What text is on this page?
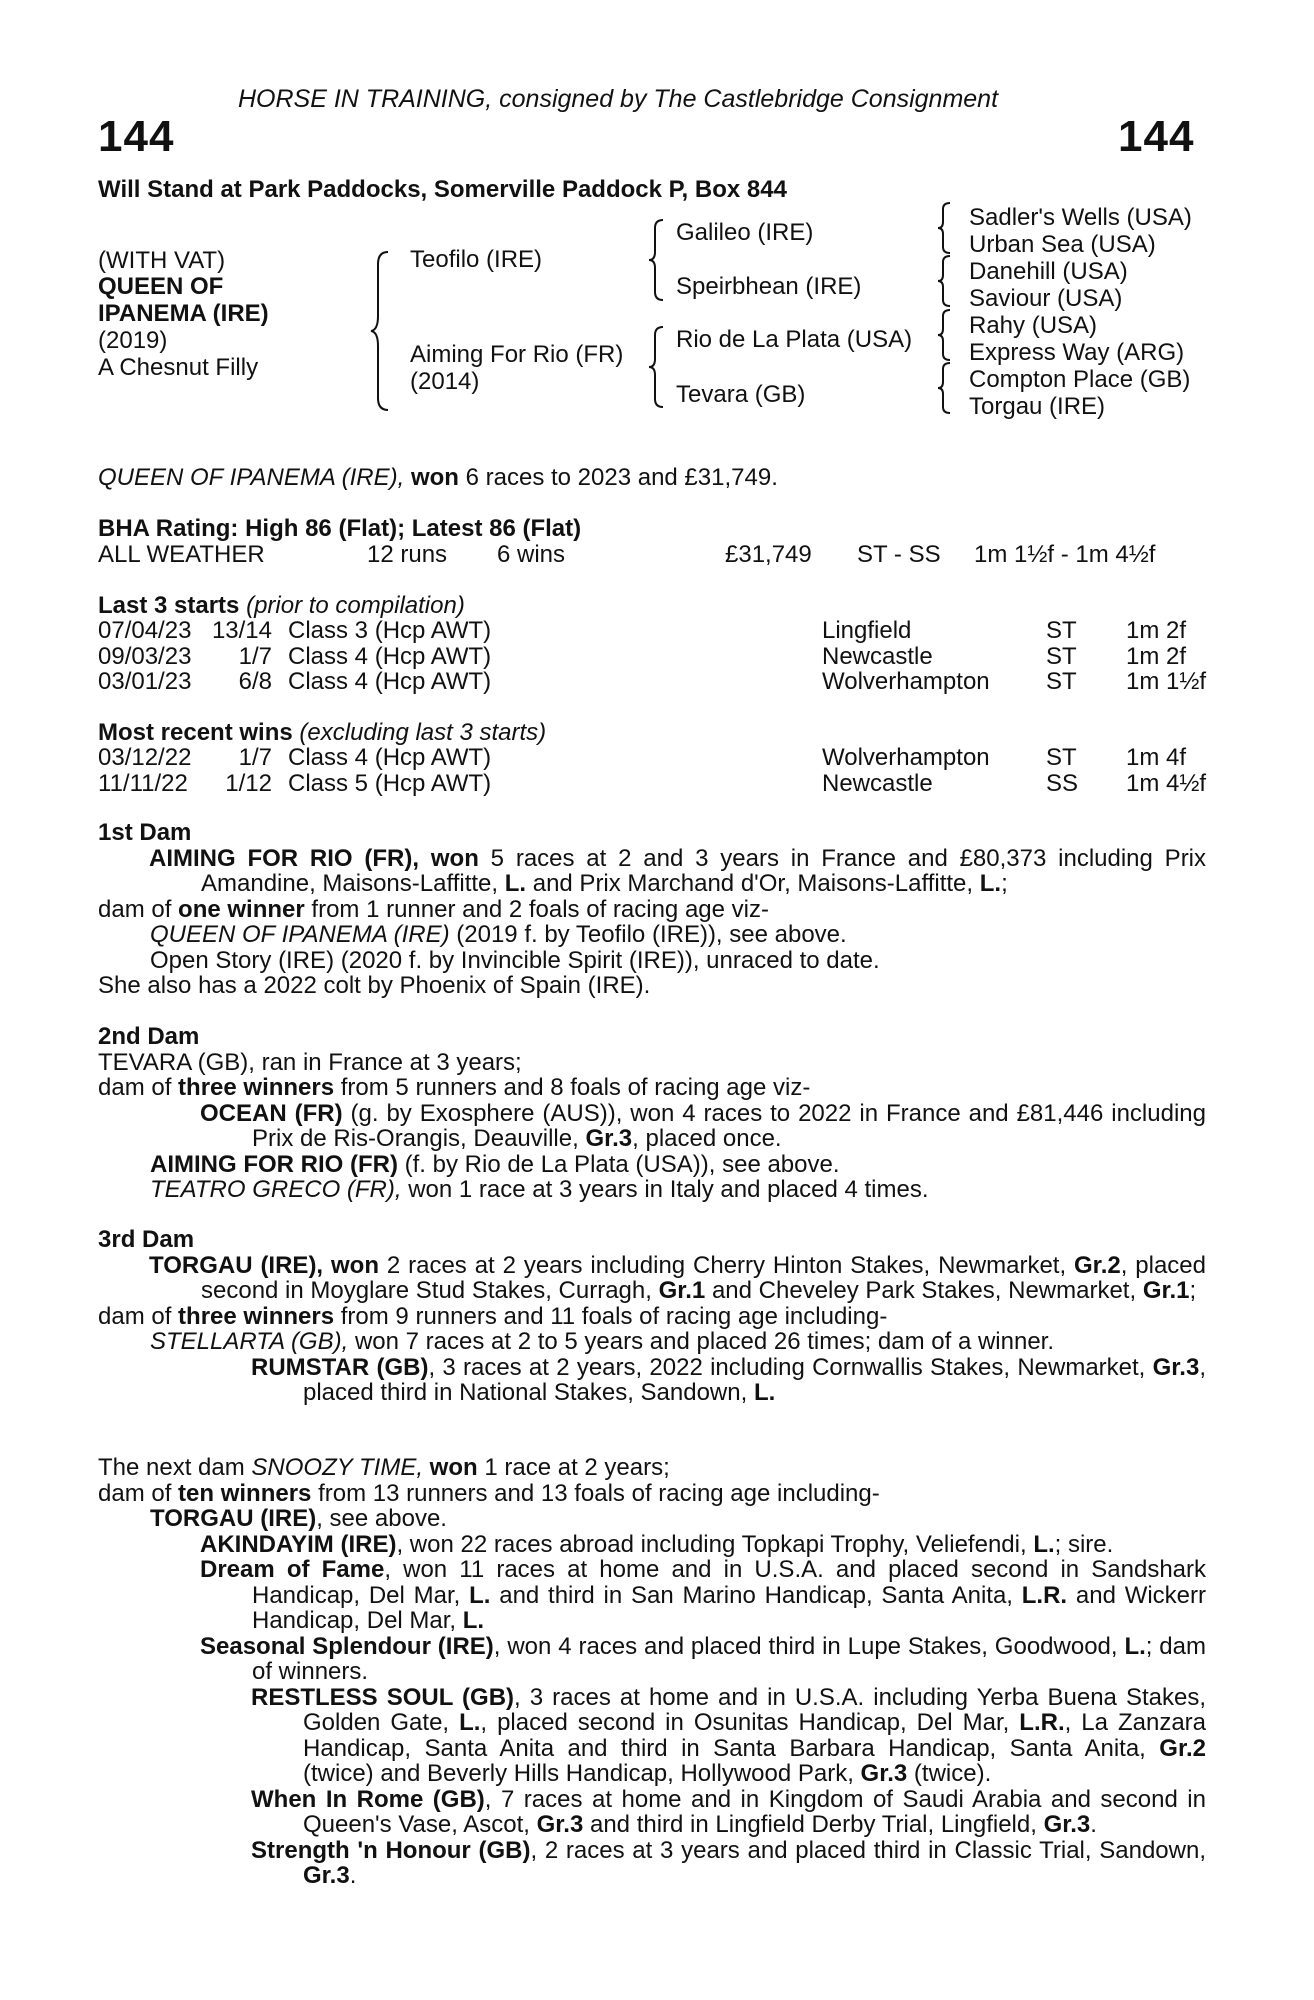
HORSE IN TRAINING, consigned by The Castlebridge Consignment
144	144
Will Stand at Park Paddocks, Somerville Paddock P, Box 844
(WITH VAT)
QUEEN OF
IPANEMA (IRE)
(2019)
A Chesnut Filly
Teofilo (IRE)
Aiming For Rio (FR)
(2014)
Galileo (IRE)
Speirbhean (IRE)
Rio de La Plata (USA)
Tevara (GB)
Sadler's Wells (USA)
Urban Sea (USA)
Danehill (USA)
Saviour (USA)
Rahy (USA)
Express Way (ARG)
Compton Place (GB)
Torgau (IRE)
QUEEN OF IPANEMA (IRE), won 6 races to 2023 and £31,749.
BHA Rating: High 86 (Flat); Latest 86 (Flat)
ALL WEATHER	12 runs 6 wins	£31,749 ST - SS 1m 1½f - 1m 4½f
Last 3 starts (prior to compilation)
07/04/23	13/14	Class 3 (Hcp AWT)	Lingfield	ST	1m 2f
09/03/23	1/7	Class 4 (Hcp AWT)	Newcastle	ST	1m 2f
03/01/23	6/8	Class 4 (Hcp AWT)	Wolverhampton	ST	1m 1½f
Most recent wins (excluding last 3 starts)
03/12/22	1/7	Class 4 (Hcp AWT)	Wolverhampton	ST	1m 4f
11/11/22	1/12	Class 5 (Hcp AWT)	Newcastle	SS	1m 4½f

1st Dam

AIMING FOR RIO (FR), won 5 races at 2 and 3 years in France and £80,373 including Prix Amandine, Maisons-Laffitte, L. and Prix Marchand d'Or, Maisons-Laffitte, L.;

dam of one winner from 1 runner and 2 foals of racing age viz-

QUEEN OF IPANEMA (IRE) (2019 f. by Teofilo (IRE)), see above.

Open Story (IRE) (2020 f. by Invincible Spirit (IRE)), unraced to date.

She also has a 2022 colt by Phoenix of Spain (IRE).

2nd Dam

TEVARA (GB), ran in France at 3 years;

dam of three winners from 5 runners and 8 foals of racing age viz-

OCEAN (FR) (g. by Exosphere (AUS)), won 4 races to 2022 in France and £81,446 including Prix de Ris-Orangis, Deauville, Gr.3, placed once.

AIMING FOR RIO (FR) (f. by Rio de La Plata (USA)), see above.

TEATRO GRECO (FR), won 1 race at 3 years in Italy and placed 4 times.

3rd Dam

TORGAU (IRE), won 2 races at 2 years including Cherry Hinton Stakes, Newmarket, Gr.2, placed second in Moyglare Stud Stakes, Curragh, Gr.1 and Cheveley Park Stakes, Newmarket, Gr.1;

dam of three winners from 9 runners and 11 foals of racing age including-

STELLARTA (GB), won 7 races at 2 to 5 years and placed 26 times; dam of a winner.

RUMSTAR (GB), 3 races at 2 years, 2022 including Cornwallis Stakes, Newmarket, Gr.3, placed third in National Stakes, Sandown, L.

The next dam SNOOZY TIME, won 1 race at 2 years;

dam of ten winners from 13 runners and 13 foals of racing age including-

TORGAU (IRE), see above.

AKINDAYIM (IRE), won 22 races abroad including Topkapi Trophy, Veliefendi, L.; sire.

Dream of Fame, won 11 races at home and in U.S.A. and placed second in Sandshark Handicap, Del Mar, L. and third in San Marino Handicap, Santa Anita, L.R. and Wickerr Handicap, Del Mar, L.

Seasonal Splendour (IRE), won 4 races and placed third in Lupe Stakes, Goodwood, L.; dam of winners.

RESTLESS SOUL (GB), 3 races at home and in U.S.A. including Yerba Buena Stakes, Golden Gate, L., placed second in Osunitas Handicap, Del Mar, L.R., La Zanzara Handicap, Santa Anita and third in Santa Barbara Handicap, Santa Anita, Gr.2 (twice) and Beverly Hills Handicap, Hollywood Park, Gr.3 (twice).

When In Rome (GB), 7 races at home and in Kingdom of Saudi Arabia and second in Queen's Vase, Ascot, Gr.3 and third in Lingfield Derby Trial, Lingfield, Gr.3.

Strength 'n Honour (GB), 2 races at 3 years and placed third in Classic Trial, Sandown, Gr.3.
